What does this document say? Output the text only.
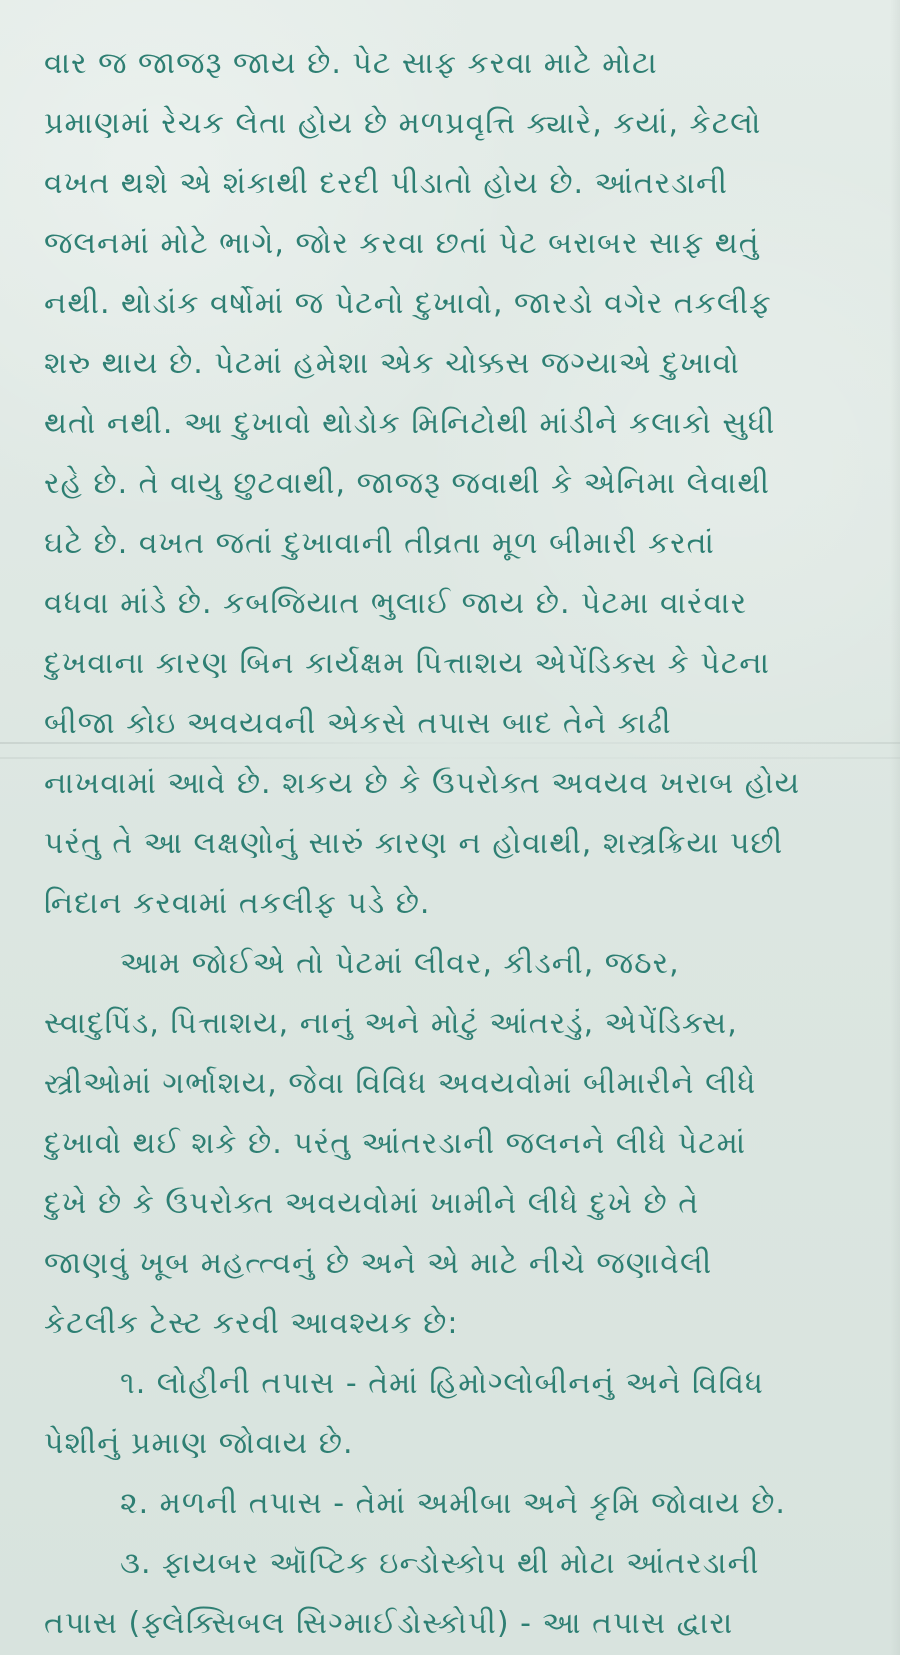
વાર જ જાજરૂ જાય છે. પેટ સાફ કરવા માટે મોટા
પ્રમાણમાં રેચક લેતા હોય છે મળપ્રવૃત્તિ ક્યારે, કયાં, કેટલો
વખત થશે એ શંકાથી દરદી પીડાતો હોય છે. આંતરડાની
જલનમાં મોટે ભાગે, જોર કરવા છતાં પેટ બરાબર સાફ થતું
નથી. થોડાંક વર્ષોમાં જ પેટનો દુખાવો, જારડો વગેર તકલીફ
શરુ થાય છે. પેટમાં હમેશા એક ચોક્કસ જગ્યાએ દુખાવો
થતો નથી. આ દુખાવો થોડોક મિનિટોથી માંડીને કલાકો સુધી
રહે છે. તે વાયુ છુટવાથી, જાજરૂ જવાથી કે એનિમા લેવાથી
ઘટે છે. વખત જતાં દુખાવાની તીવ્રતા મૂળ બીમારી કરતાં
વધવા માંડે છે. કબજિયાત ભુલાઈ જાય છે. પેટમા વારંવાર
દુખવાના કારણ બિન કાર્યક્ષમ પિત્તાશય એપેંડિક્સ કે પેટના
બીજા કોઇ અવયવની એકસે તપાસ બાદ તેને કાઢી
નાખવામાં આવે છે. શકય છે કે ઉપરોક્ત અવયવ ખરાબ હોય
પરંતુ તે આ લક્ષણોનું સારું કારણ ન હોવાથી, શસ્ત્રક્રિયા પછી
નિદાન કરવામાં તકલીફ પડે છે.
આમ જોઈએ તો પેટમાં લીવર, કીડની, જઠર,
સ્વાદુપિંડ, પિત્તાશય, નાનું અને મોટું આંતરડું, એપેંડિક્સ,
સ્ત્રીઓમાં ગર્ભાશય, જેવા વિવિધ અવયવોમાં બીમારીને લીધે
દુખાવો થઈ શકે છે. પરંતુ આંતરડાની જલનને લીધે પેટમાં
દુખે છે કે ઉપરોક્ત અવયવોમાં ખામીને લીધે દુખે છે તે
જાણવું ખૂબ મહત્ત્વનું છે અને એ માટે નીચે જણાવેલી
કેટલીક ટેસ્ટ કરવી આવશ્યક છે:
૧. લોહીની તપાસ - તેમાં હિમોગ્લોબીનનું અને વિવિધ
પેશીનું પ્રમાણ જોવાય છે.
૨. મળની તપાસ - તેમાં અમીબા અને કૃમિ જોવાય છે.
૩. ફાયબર ઑપ્ટિક ઇન્ડોસ્કોપ થી મોટા આંતરડાની
તપાસ (ફ્લેક્સિબલ સિગ્માઈડોસ્કોપી) - આ તપાસ દ્વારા
